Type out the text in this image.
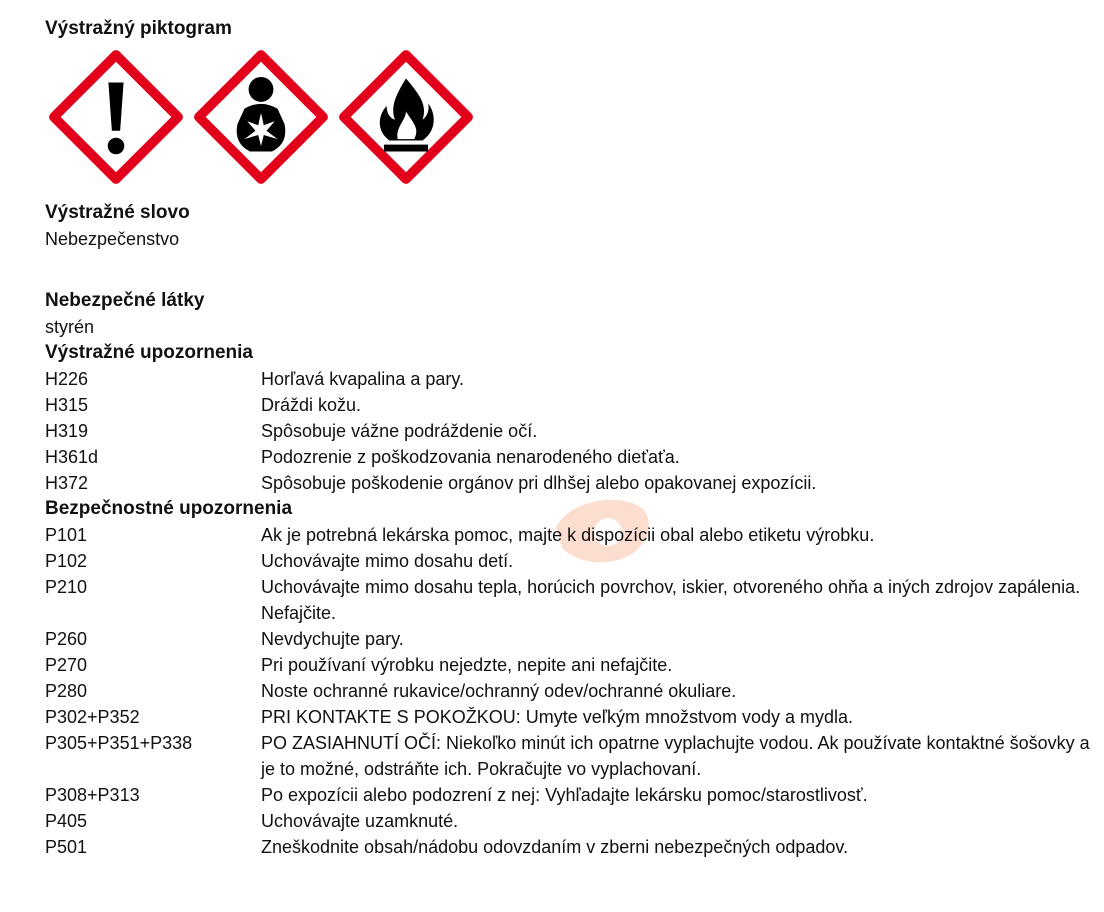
Výstražný piktogram
Výstražné slovo
Nebezpečenstvo
Nebezpečné látky
styrén
Výstražné upozornenia
H226	Horľavá kvapalina a pary.
H315	Dráždi kožu.
H319	Spôsobuje vážne podráždenie očí.
H361d	Podozrenie z poškodzovania nenarodeného dieťaťa.
H372	Spôsobuje poškodenie orgánov pri dlhšej alebo opakovanej expozícii.
Bezpečnostné upozornenia
P101	Ak je potrebná lekárska pomoc, majte k dispozícii obal alebo etiketu výrobku.
P102	Uchovávajte mimo dosahu detí.
P210	Uchovávajte mimo dosahu tepla, horúcich povrchov, iskier, otvoreného ohňa a iných zdrojov zapálenia. Nefajčite.
P260	Nevdychujte pary.
P270	Pri používaní výrobku nejedzte, nepite ani nefajčite.
P280	Noste ochranné rukavice/ochranný odev/ochranné okuliare.
P302+P352	PRI KONTAKTE S POKOŽKOU: Umyte veľkým množstvom vody a mydla.
P305+P351+P338	PO ZASIAHNUTÍ OČÍ: Niekoľko minút ich opatrne vyplachujte vodou. Ak používate kontaktné šošovky a je to možné, odstráňte ich. Pokračujte vo vyplachovaní.
P308+P313	Po expozícii alebo podozrení z nej: Vyhľadajte lekársku pomoc/starostlivosť.
P405	Uchovávajte uzamknuté.
P501	Zneškodnite obsah/nádobu odovzdaním v zberni nebezpečných odpadov.
